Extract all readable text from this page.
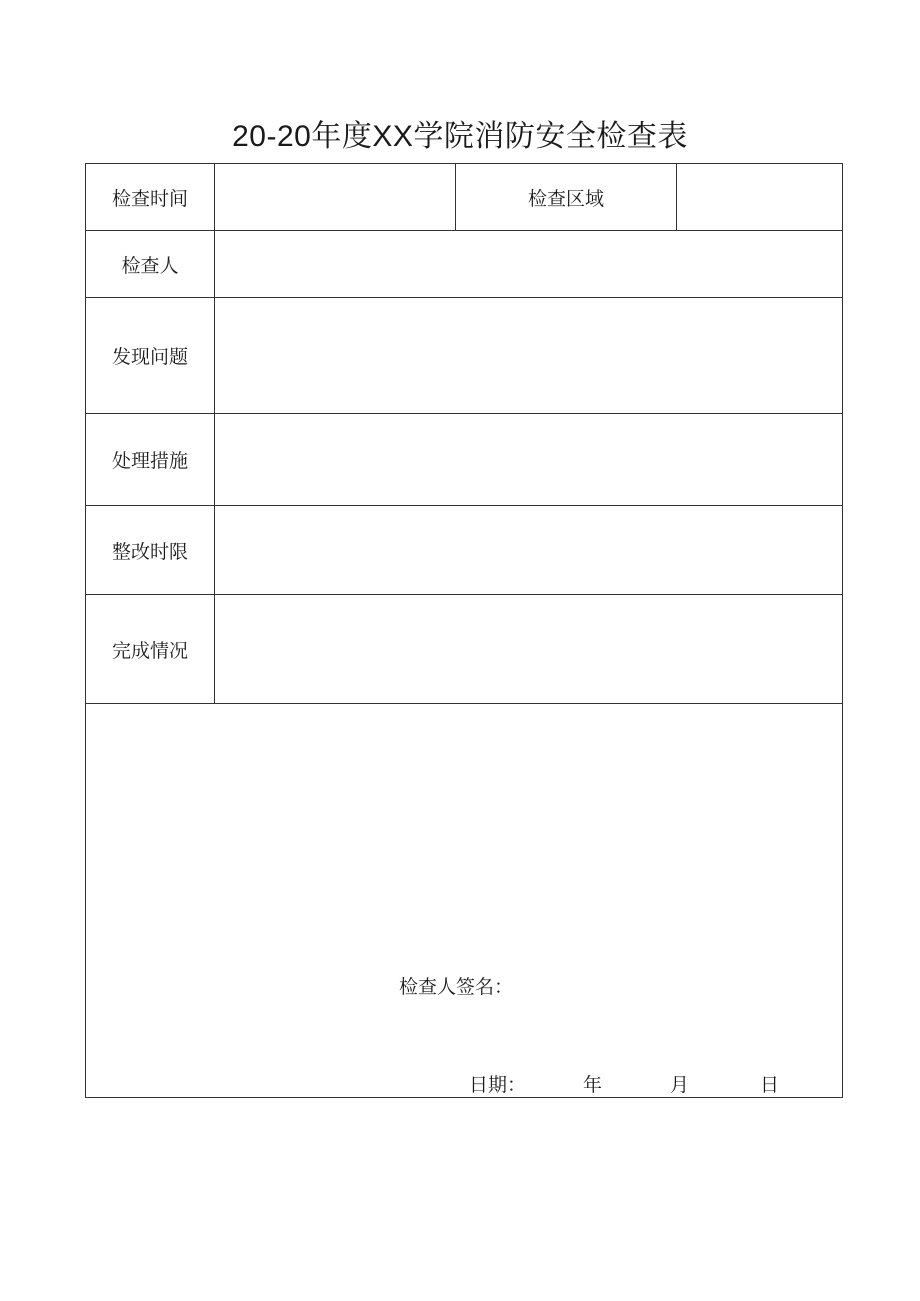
20-20年度XX学院消防安全检查表
检查时间		检查区域	
检查人			
发现问题			
处理措施			
整改时限			
完成情况			

检查人签名：
日期： 年 月 日			
